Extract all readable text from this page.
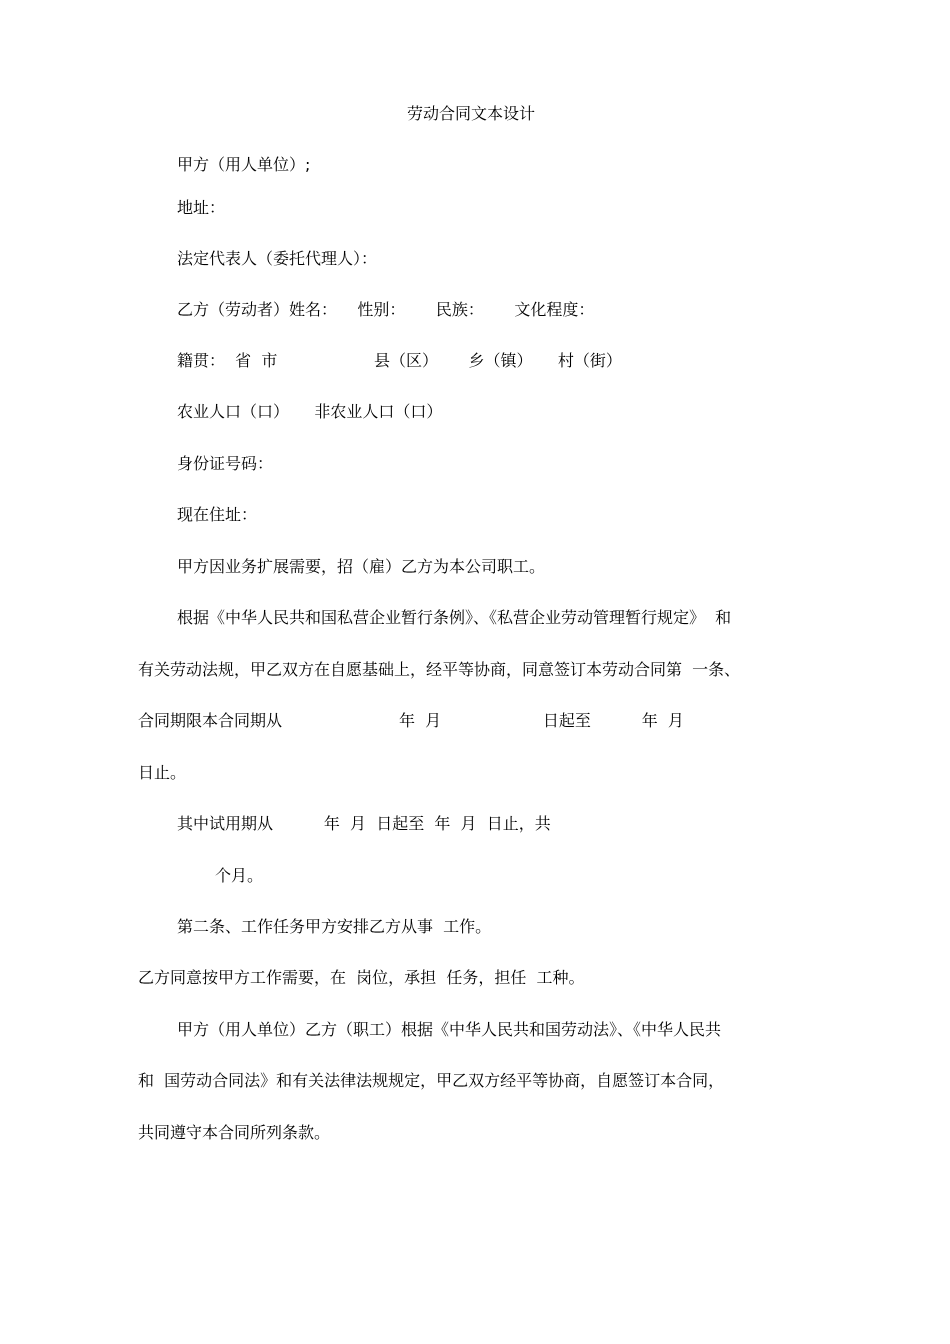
劳动合同文本设计
甲方（用人单位）;
地址：
法定代表人（委托代理人）：
乙方（劳动者）姓名：    性别：      民族：      文化程度：
籍贯：  省  市                   县（区）      乡（镇）     村（街）
农业人口（口）     非农业人口（口）
身份证号码：
现在住址：
甲方因业务扩展需要，招（雇）乙方为本公司职工。
根据《中华人民共和国私营企业暂行条例》、《私营企业劳动管理暂行规定》  和
有关劳动法规，甲乙双方在自愿基础上，经平等协商，同意签订本劳动合同第  一条、
合同期限本合同期从                       年  月                    日起至          年  月
日止。
其中试用期从          年  月  日起至  年  月  日止，共
个月。
第二条、工作任务甲方安排乙方从事  工作。
乙方同意按甲方工作需要，在  岗位，承担  任务，担任  工种。
甲方（用人单位）乙方（职工）根据《中华人民共和国劳动法》、《中华人民共
和  国劳动合同法》和有关法律法规规定，甲乙双方经平等协商，自愿签订本合同，
共同遵守本合同所列条款。
